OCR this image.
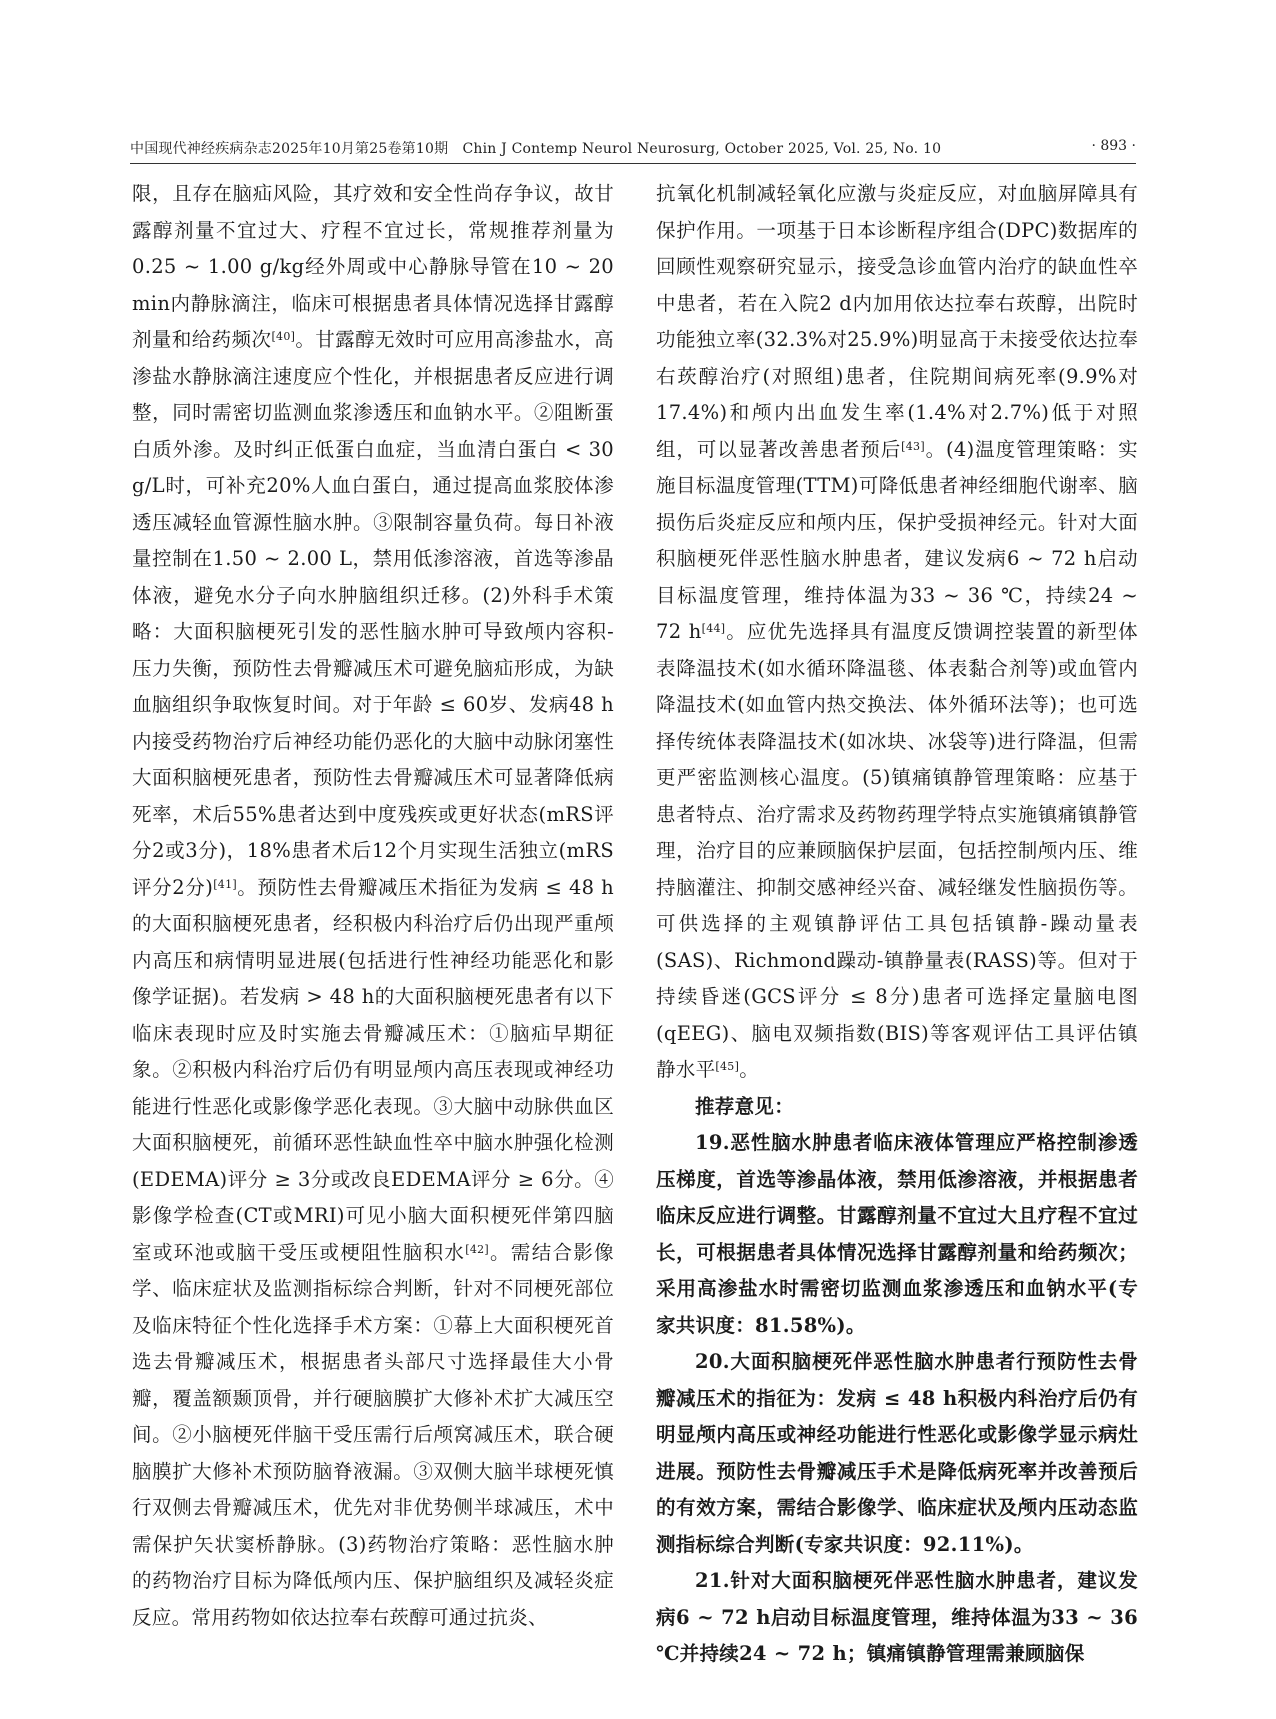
中国现代神经疾病杂志2025年10月第25卷第10期　Chin J Contemp Neurol Neurosurg, October 2025, Vol. 25, No. 10	· 893 ·

限，且存在脑疝风险，其疗效和安全性尚存争议，故甘露醇剂量不宜过大、疗程不宜过长，常规推荐剂量为0.25 ~ 1.00 g/kg经外周或中心静脉导管在10 ~ 20 min内静脉滴注，临床可根据患者具体情况选择甘露醇剂量和给药频次[40]。甘露醇无效时可应用高渗盐水，高渗盐水静脉滴注速度应个性化，并根据患者反应进行调整，同时需密切监测血浆渗透压和血钠水平。②阻断蛋白质外渗。及时纠正低蛋白血症，当血清白蛋白 < 30 g/L时，可补充20%人血白蛋白，通过提高血浆胶体渗透压减轻血管源性脑水肿。③限制容量负荷。每日补液量控制在1.50 ~ 2.00 L，禁用低渗溶液，首选等渗晶体液，避免水分子向水肿脑组织迁移。(2)外科手术策略：大面积脑梗死引发的恶性脑水肿可导致颅内容积-压力失衡，预防性去骨瓣减压术可避免脑疝形成，为缺血脑组织争取恢复时间。对于年龄 ≤ 60岁、发病48 h内接受药物治疗后神经功能仍恶化的大脑中动脉闭塞性大面积脑梗死患者，预防性去骨瓣减压术可显著降低病死率，术后55%患者达到中度残疾或更好状态(mRS评分2或3分)，18%患者术后12个月实现生活独立(mRS评分2分)[41]。预防性去骨瓣减压术指征为发病 ≤ 48 h的大面积脑梗死患者，经积极内科治疗后仍出现严重颅内高压和病情明显进展(包括进行性神经功能恶化和影像学证据)。若发病 > 48 h的大面积脑梗死患者有以下临床表现时应及时实施去骨瓣减压术：①脑疝早期征象。②积极内科治疗后仍有明显颅内高压表现或神经功能进行性恶化或影像学恶化表现。③大脑中动脉供血区大面积脑梗死，前循环恶性缺血性卒中脑水肿强化检测(EDEMA)评分 ≥ 3分或改良EDEMA评分 ≥ 6分。④影像学检查(CT或MRI)可见小脑大面积梗死伴第四脑室或环池或脑干受压或梗阻性脑积水[42]。需结合影像学、临床症状及监测指标综合判断，针对不同梗死部位及临床特征个性化选择手术方案：①幕上大面积梗死首选去骨瓣减压术，根据患者头部尺寸选择最佳大小骨瓣，覆盖额颞顶骨，并行硬脑膜扩大修补术扩大减压空间。②小脑梗死伴脑干受压需行后颅窝减压术，联合硬脑膜扩大修补术预防脑脊液漏。③双侧大脑半球梗死慎行双侧去骨瓣减压术，优先对非优势侧半球减压，术中需保护矢状窦桥静脉。(3)药物治疗策略：恶性脑水肿的药物治疗目标为降低颅内压、保护脑组织及减轻炎症反应。常用药物如依达拉奉右莰醇可通过抗炎、

抗氧化机制减轻氧化应激与炎症反应，对血脑屏障具有保护作用。一项基于日本诊断程序组合(DPC)数据库的回顾性观察研究显示，接受急诊血管内治疗的缺血性卒中患者，若在入院2 d内加用依达拉奉右莰醇，出院时功能独立率(32.3%对25.9%)明显高于未接受依达拉奉右莰醇治疗(对照组)患者，住院期间病死率(9.9%对17.4%)和颅内出血发生率(1.4%对2.7%)低于对照组，可以显著改善患者预后[43]。(4)温度管理策略：实施目标温度管理(TTM)可降低患者神经细胞代谢率、脑损伤后炎症反应和颅内压，保护受损神经元。针对大面积脑梗死伴恶性脑水肿患者，建议发病6 ~ 72 h启动目标温度管理，维持体温为33 ~ 36 ℃，持续24 ~ 72 h[44]。应优先选择具有温度反馈调控装置的新型体表降温技术(如水循环降温毯、体表黏合剂等)或血管内降温技术(如血管内热交换法、体外循环法等)；也可选择传统体表降温技术(如冰块、冰袋等)进行降温，但需更严密监测核心温度。(5)镇痛镇静管理策略：应基于患者特点、治疗需求及药物药理学特点实施镇痛镇静管理，治疗目的应兼顾脑保护层面，包括控制颅内压、维持脑灌注、抑制交感神经兴奋、减轻继发性脑损伤等。可供选择的主观镇静评估工具包括镇静-躁动量表(SAS)、Richmond躁动-镇静量表(RASS)等。但对于持续昏迷(GCS评分 ≤ 8分)患者可选择定量脑电图(qEEG)、脑电双频指数(BIS)等客观评估工具评估镇静水平[45]。

推荐意见：

19.恶性脑水肿患者临床液体管理应严格控制渗透压梯度，首选等渗晶体液，禁用低渗溶液，并根据患者临床反应进行调整。甘露醇剂量不宜过大且疗程不宜过长，可根据患者具体情况选择甘露醇剂量和给药频次；采用高渗盐水时需密切监测血浆渗透压和血钠水平(专家共识度：81.58%)。

20.大面积脑梗死伴恶性脑水肿患者行预防性去骨瓣减压术的指征为：发病 ≤ 48 h积极内科治疗后仍有明显颅内高压或神经功能进行性恶化或影像学显示病灶进展。预防性去骨瓣减压手术是降低病死率并改善预后的有效方案，需结合影像学、临床症状及颅内压动态监测指标综合判断(专家共识度：92.11%)。

21.针对大面积脑梗死伴恶性脑水肿患者，建议发病6 ~ 72 h启动目标温度管理，维持体温为33 ~ 36 ℃并持续24 ~ 72 h；镇痛镇静管理需兼顾脑保
